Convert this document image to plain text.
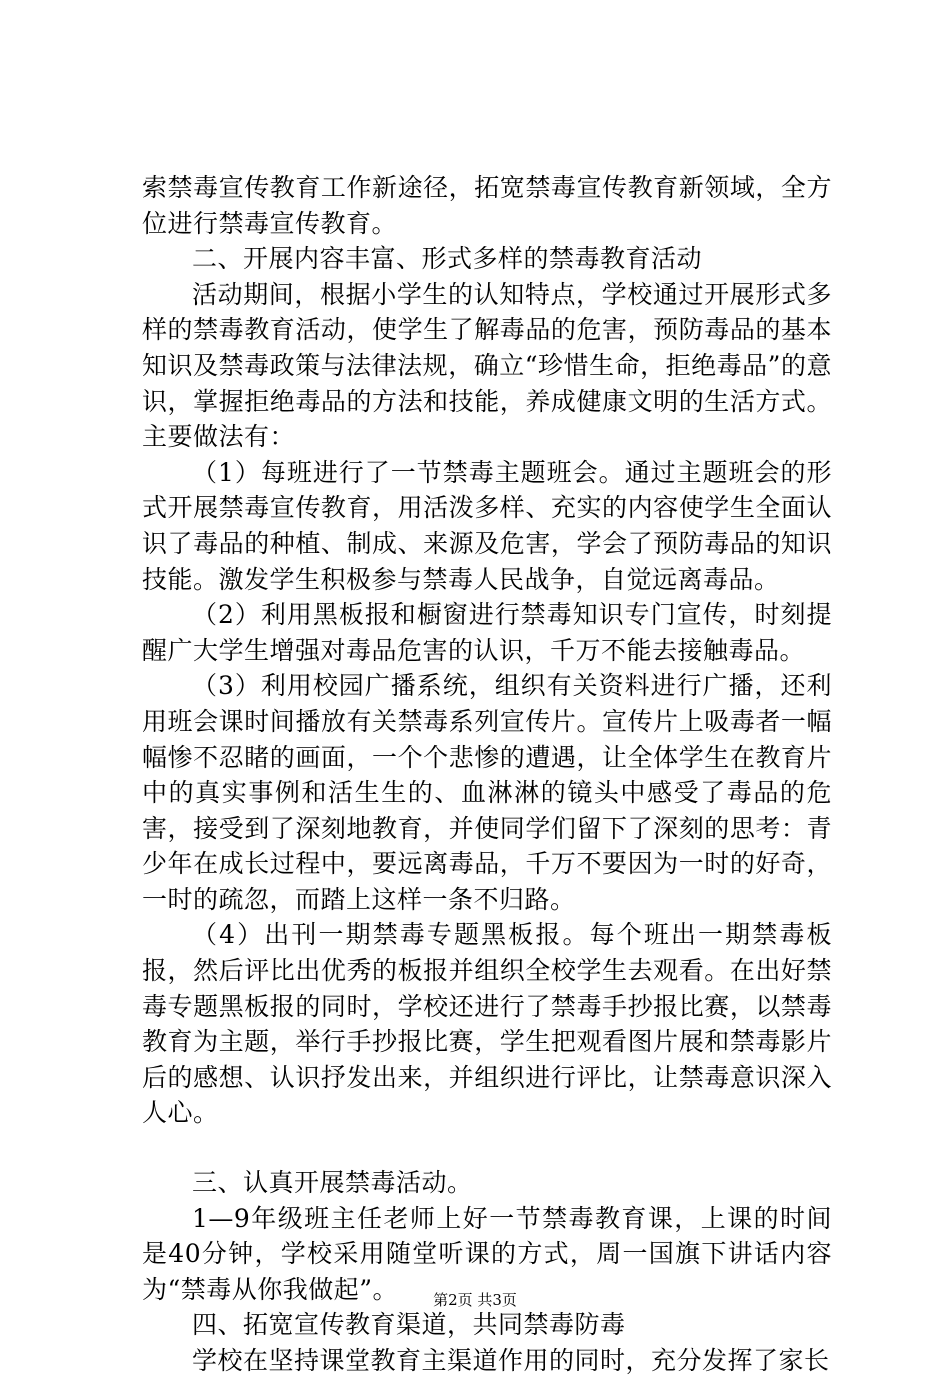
索禁毒宣传教育工作新途径，拓宽禁毒宣传教育新领域，全方位进行禁毒宣传教育。

二、开展内容丰富、形式多样的禁毒教育活动

活动期间，根据小学生的认知特点，学校通过开展形式多样的禁毒教育活动，使学生了解毒品的危害，预防毒品的基本知识及禁毒政策与法律法规，确立“珍惜生命，拒绝毒品”的意识，掌握拒绝毒品的方法和技能，养成健康文明的生活方式。主要做法有：

（1）每班进行了一节禁毒主题班会。通过主题班会的形式开展禁毒宣传教育，用活泼多样、充实的内容使学生全面认识了毒品的种植、制成、来源及危害，学会了预防毒品的知识技能。激发学生积极参与禁毒人民战争，自觉远离毒品。

（2）利用黑板报和橱窗进行禁毒知识专门宣传，时刻提醒广大学生增强对毒品危害的认识，千万不能去接触毒品。

（3）利用校园广播系统，组织有关资料进行广播，还利用班会课时间播放有关禁毒系列宣传片。宣传片上吸毒者一幅幅惨不忍睹的画面，一个个悲惨的遭遇，让全体学生在教育片中的真实事例和活生生的、血淋淋的镜头中感受了毒品的危害，接受到了深刻地教育，并使同学们留下了深刻的思考：青少年在成长过程中，要远离毒品，千万不要因为一时的好奇，一时的疏忽，而踏上这样一条不归路。

（4）出刊一期禁毒专题黑板报。每个班出一期禁毒板报，然后评比出优秀的板报并组织全校学生去观看。在出好禁毒专题黑板报的同时，学校还进行了禁毒手抄报比赛，以禁毒教育为主题，举行手抄报比赛，学生把观看图片展和禁毒影片后的感想、认识抒发出来，并组织进行评比，让禁毒意识深入人心。

三、认真开展禁毒活动。

1—9年级班主任老师上好一节禁毒教育课，上课的时间是40分钟，学校采用随堂听课的方式，周一国旗下讲话内容为“禁毒从你我做起”。

四、拓宽宣传教育渠道，共同禁毒防毒

学校在坚持课堂教育主渠道作用的同时，充分发挥了家长

第2页 共3页
